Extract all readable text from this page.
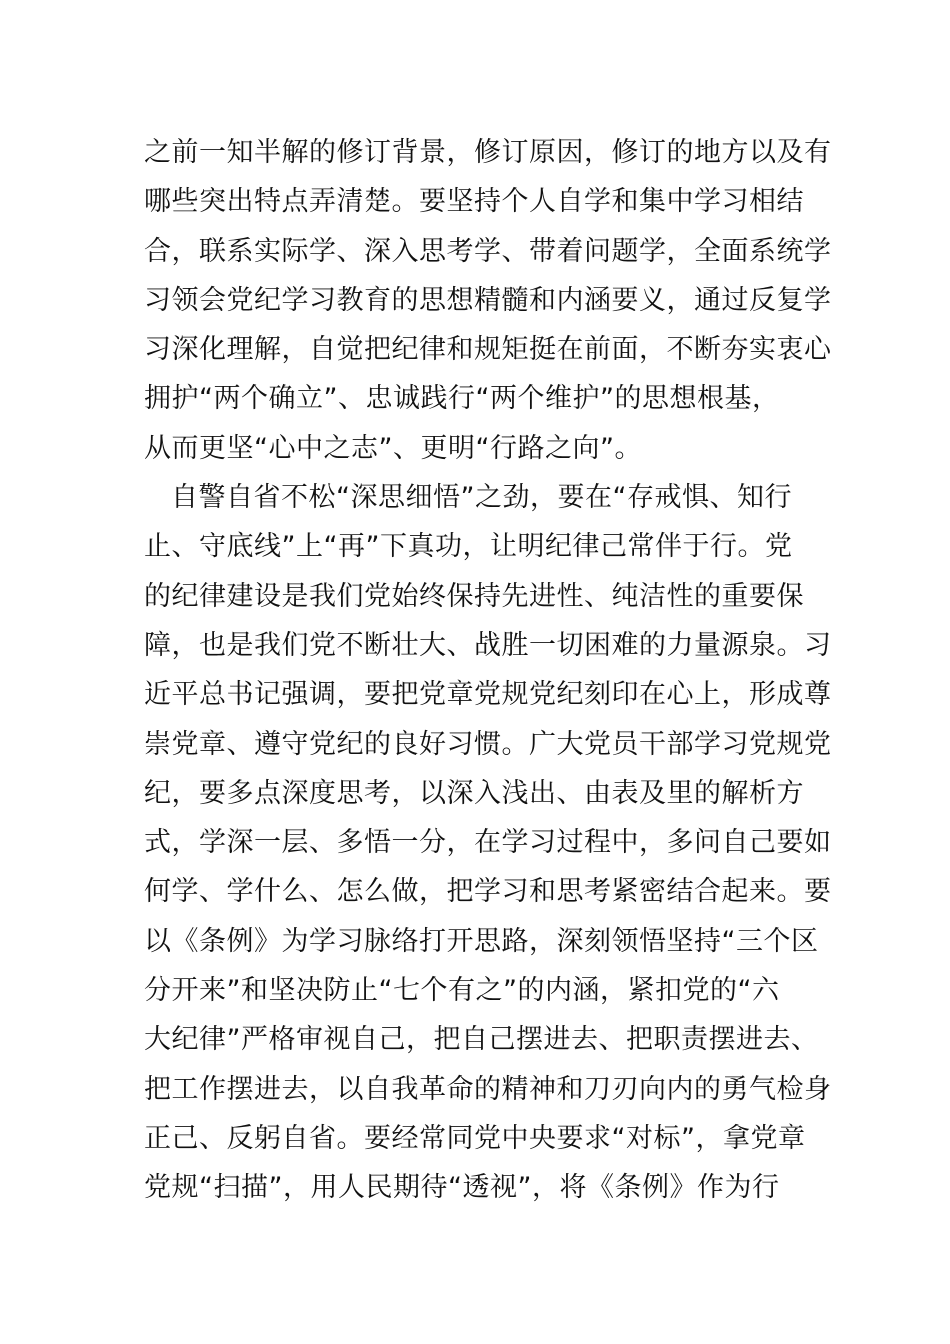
之前一知半解的修订背景，修订原因，修订的地方以及有
哪些突出特点弄清楚。要坚持个人自学和集中学习相结
合，联系实际学、深入思考学、带着问题学，全面系统学
习领会党纪学习教育的思想精髓和内涵要义，通过反复学
习深化理解，自觉把纪律和规矩挺在前面，不断夯实衷心
拥护“两个确立”、忠诚践行“两个维护”的思想根基，
从而更坚“心中之志”、更明“行路之向”。
自警自省不松“深思细悟”之劲，要在“存戒惧、知行
止、守底线”上“再”下真功，让明纪律己常伴于行。党
的纪律建设是我们党始终保持先进性、纯洁性的重要保
障，也是我们党不断壮大、战胜一切困难的力量源泉。习
近平总书记强调，要把党章党规党纪刻印在心上，形成尊
崇党章、遵守党纪的良好习惯。广大党员干部学习党规党
纪，要多点深度思考，以深入浅出、由表及里的解析方
式，学深一层、多悟一分，在学习过程中，多问自己要如
何学、学什么、怎么做，把学习和思考紧密结合起来。要
以《条例》为学习脉络打开思路，深刻领悟坚持“三个区
分开来”和坚决防止“七个有之”的内涵，紧扣党的“六
大纪律”严格审视自己，把自己摆进去、把职责摆进去、
把工作摆进去，以自我革命的精神和刀刃向内的勇气检身
正己、反躬自省。要经常同党中央要求“对标”，拿党章
党规“扫描”，用人民期待“透视”，将《条例》作为行
